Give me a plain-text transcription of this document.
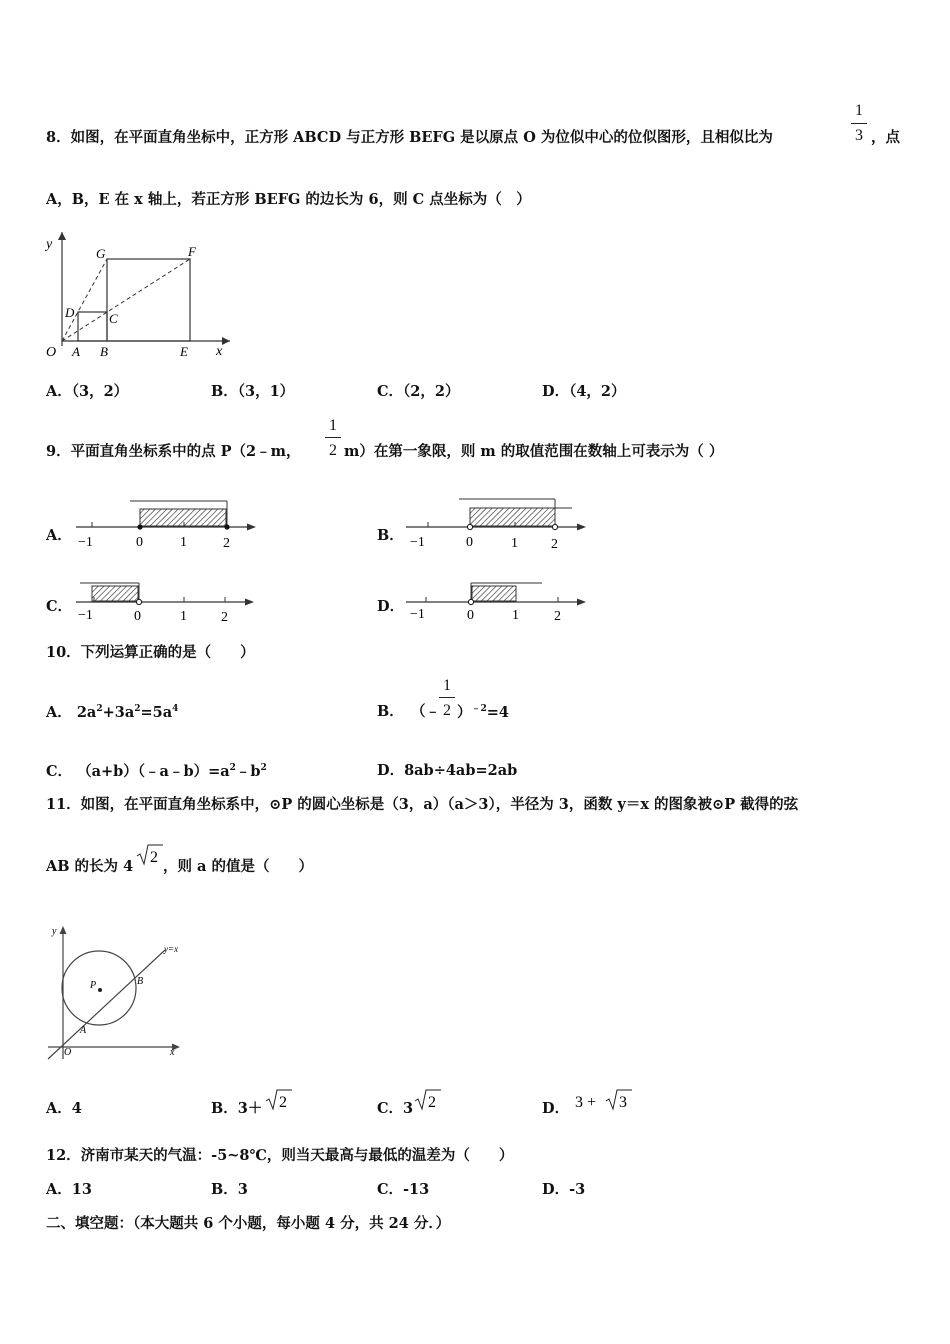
8．如图，在平面直角坐标中，正方形 ABCD 与正方形 BEFG 是以原点 O 为位似中心的位似图形，且相似比为
1
3 ，点
A，B，E 在 x 轴上，若正方形 BEFG 的边长为 6，则 C 点坐标为（　）
y
x
O A B	E
D	C
G	F
A．（3，2）	B．（3，1）	C．（2，2）	D．（4，2）
9．平面直角坐标系中的点 P（2﹣m，
1
2 m）在第一象限，则 m 的取值范围在数轴上可表示为（ ）
A． −1	0	1	2	B． −1	0	1 2
C．
−1	0	1 2
D． −1	0	1	2
10．下列运算正确的是（　　）
A． $2a^2+3a^2=5a^4$	B． （﹣
1
2 ）$^{﹣2}$=4
C． $(a+b)(﹣a﹣b)=a^2﹣b^2$	D．8ab÷4ab=2ab
11．如图，在平面直角坐标系中，⊙P 的圆心坐标是（3，a）（a＞3），半径为 3，函数 y＝x 的图象被⊙P 截得的弦
AB 的长为 4
2
，则 a 的值是（　　）
y
x
O
P
A
B
y=x
A．4	B．3＋ 2	C．3 2	D． 3 + 3
12．济南市某天的气温：-5~8℃，则当天最高与最低的温差为（　　）
A．13	B．3	C．-13	D．-3
二、填空题：（本大题共 6 个小题，每小题 4 分，共 24 分．）
